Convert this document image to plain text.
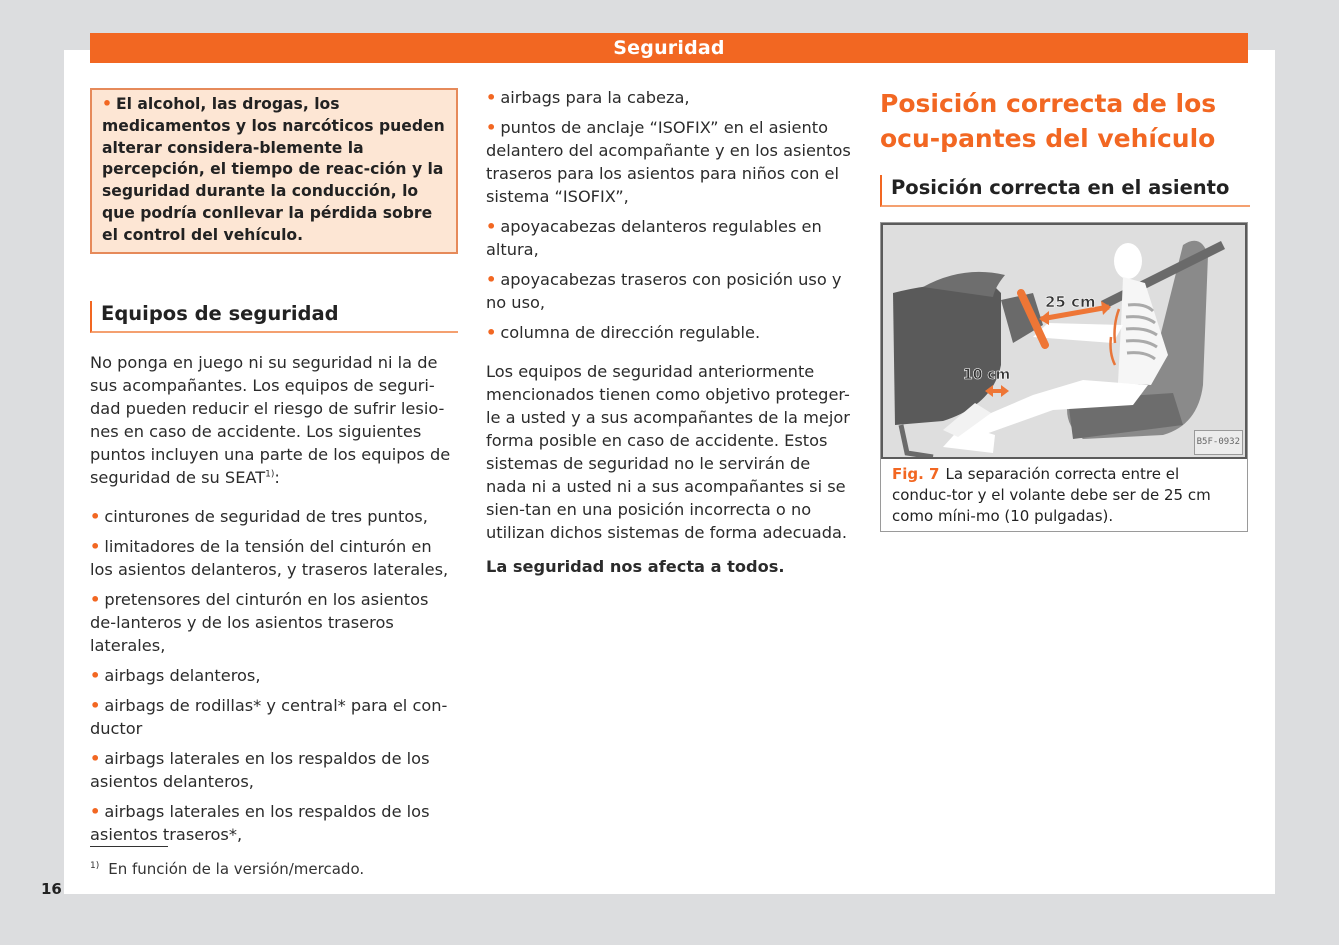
Seguridad
• El alcohol, las drogas, los medicamentos y los narcóticos pueden alterar considera-blemente la percepción, el tiempo de reac-ción y la seguridad durante la conducción, lo que podría conllevar la pérdida sobre el control del vehículo.
Equipos de seguridad

No ponga en juego ni su seguridad ni la de sus acompañantes. Los equipos de seguri-dad pueden reducir el riesgo de sufrir lesio-nes en caso de accidente. Los siguientes puntos incluyen una parte de los equipos de seguridad de su SEAT$^{1)}$:

• cinturones de seguridad de tres puntos,

• limitadores de la tensión del cinturón en los asientos delanteros, y traseros laterales,

• pretensores del cinturón en los asientos de-lanteros y de los asientos traseros laterales,

• airbags delanteros,

• airbags de rodillas* y central* para el con-ductor

• airbags laterales en los respaldos de los asientos delanteros,

• airbags laterales en los respaldos de los asientos traseros*,

• airbags para la cabeza,

• puntos de anclaje “ISOFIX” en el asiento delantero del acompañante y en los asientos traseros para los asientos para niños con el sistema “ISOFIX”,

• apoyacabezas delanteros regulables en altura,

• apoyacabezas traseros con posición uso y no uso,

• columna de dirección regulable.

Los equipos de seguridad anteriormente mencionados tienen como objetivo proteger-le a usted y a sus acompañantes de la mejor forma posible en caso de accidente. Estos sistemas de seguridad no le servirán de nada ni a usted ni a sus acompañantes si se sien-tan en una posición incorrecta o no utilizan dichos sistemas de forma adecuada.

La seguridad nos afecta a todos.

Posición correcta de los ocu-pantes del vehículo
Posición correcta en el asiento
25 cm
10 cm
B5F-0932
Fig. 7 La separación correcta entre el conduc-tor y el volante debe ser de 25 cm como míni-mo (10 pulgadas).
$^{1)}$ En función de la versión/mercado.
16
